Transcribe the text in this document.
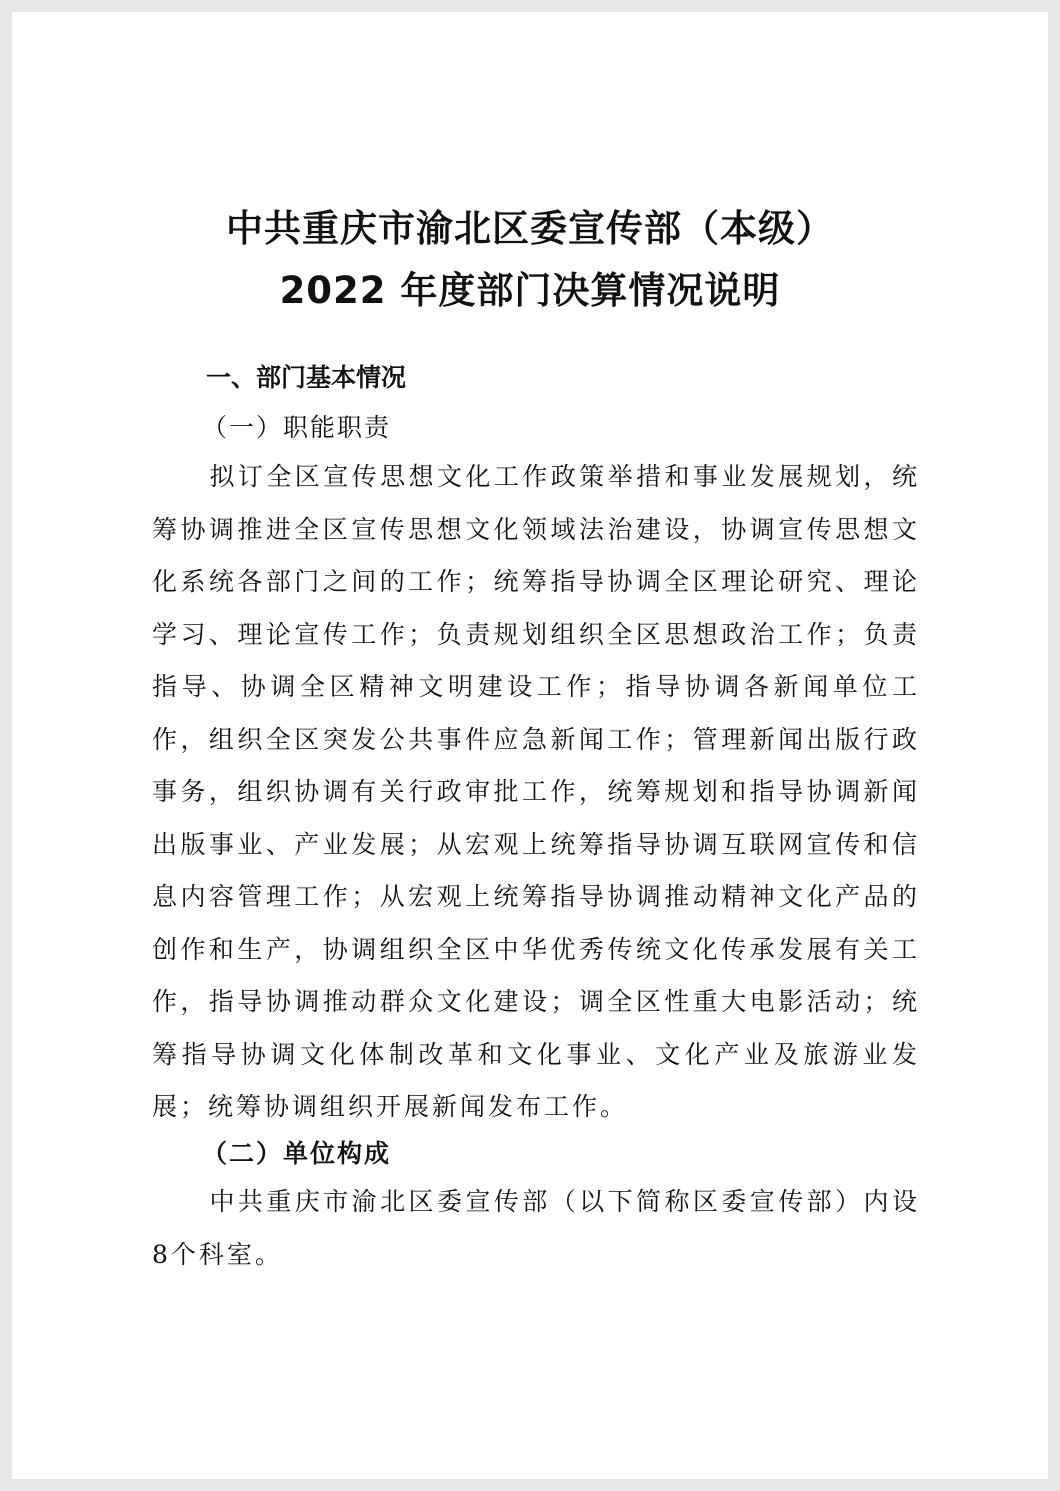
中共重庆市渝北区委宣传部（本级）
2022 年度部门决算情况说明
一、部门基本情况
（一）职能职责

拟订全区宣传思想文化工作政策举措和事业发展规划，统筹协调推进全区宣传思想文化领域法治建设，协调宣传思想文化系统各部门之间的工作；统筹指导协调全区理论研究、理论学习、理论宣传工作；负责规划组织全区思想政治工作；负责指导、协调全区精神文明建设工作；指导协调各新闻单位工作，组织全区突发公共事件应急新闻工作；管理新闻出版行政事务，组织协调有关行政审批工作，统筹规划和指导协调新闻出版事业、产业发展；从宏观上统筹指导协调互联网宣传和信息内容管理工作；从宏观上统筹指导协调推动精神文化产品的创作和生产，协调组织全区中华优秀传统文化传承发展有关工作，指导协调推动群众文化建设；调全区性重大电影活动；统筹指导协调文化体制改革和文化事业、文化产业及旅游业发展；统筹协调组织开展新闻发布工作。

（二）单位构成

中共重庆市渝北区委宣传部（以下简称区委宣传部）内设8个科室。
